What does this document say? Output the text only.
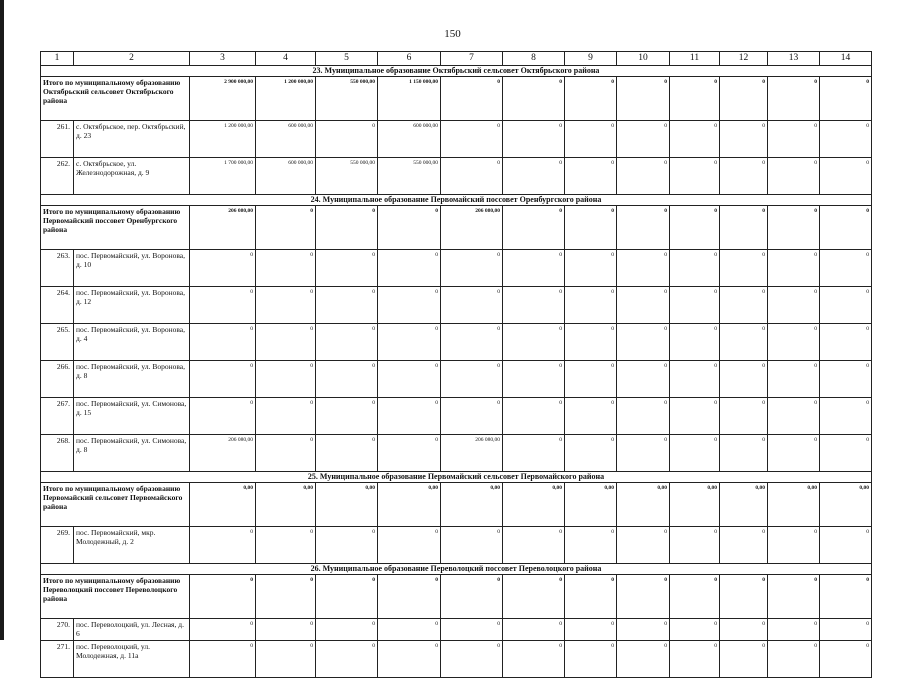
150
1	2	3	4	5	6	7	8	9	10	11	12	13	14
23. Муниципальное образование Октябрьский сельсовет Октябрьского района													
Итого по муниципальному образованию Октябрьский сельсовет Октябрьского района		2 900 000,00	1 200 000,00	550 000,00	1 150 000,00	0	0	0	0	0	0	0	0
261.	с. Октябрьское, пер. Октябрьский, д. 23	1 200 000,00	600 000,00	0	600 000,00	0	0	0	0	0	0	0	0
262.	с. Октябрьское, ул. Железнодорожная, д. 9	1 700 000,00	600 000,00	550 000,00	550 000,00	0	0	0	0	0	0	0	0
24. Муниципальное образование Первомайский поссовет Оренбургского района													
Итого по муниципальному образованию Первомайский поссовет Оренбургского района		206 080,00	0	0	0	206 080,00	0	0	0	0	0	0	0
263.	пос. Первомайский, ул. Воронова, д. 10	0	0	0	0	0	0	0	0	0	0	0	0
264.	пос. Первомайский, ул. Воронова, д. 12	0	0	0	0	0	0	0	0	0	0	0	0
265.	пос. Первомайский, ул. Воронова, д. 4	0	0	0	0	0	0	0	0	0	0	0	0
266.	пос. Первомайский, ул. Воронова, д. 8	0	0	0	0	0	0	0	0	0	0	0	0
267.	пос. Первомайский, ул. Симонова, д. 15	0	0	0	0	0	0	0	0	0	0	0	0
268.	пос. Первомайский, ул. Симонова, д. 8	206 080,00	0	0	0	206 080,00	0	0	0	0	0	0	0
25. Муниципальное образование Первомайский сельсовет Первомайского района													
Итого по муниципальному образованию Первомайский сельсовет Первомайского района		0,00	0,00	0,00	0,00	0,00	0,00	0,00	0,00	0,00	0,00	0,00	0,00
269.	пос. Первомайский, мкр. Молодежный, д. 2	0	0	0	0	0	0	0	0	0	0	0	0
26. Муниципальное образование Переволоцкий поссовет Переволоцкого района													
Итого по муниципальному образованию Переволоцкий поссовет Переволоцкого района		0	0	0	0	0	0	0	0	0	0	0	0
270.	пос. Переволоцкий, ул. Лесная, д. 6	0	0	0	0	0	0	0	0	0	0	0	0
271.	пос. Переволоцкий, ул. Молодежная, д. 11а	0	0	0	0	0	0	0	0	0	0	0	0
